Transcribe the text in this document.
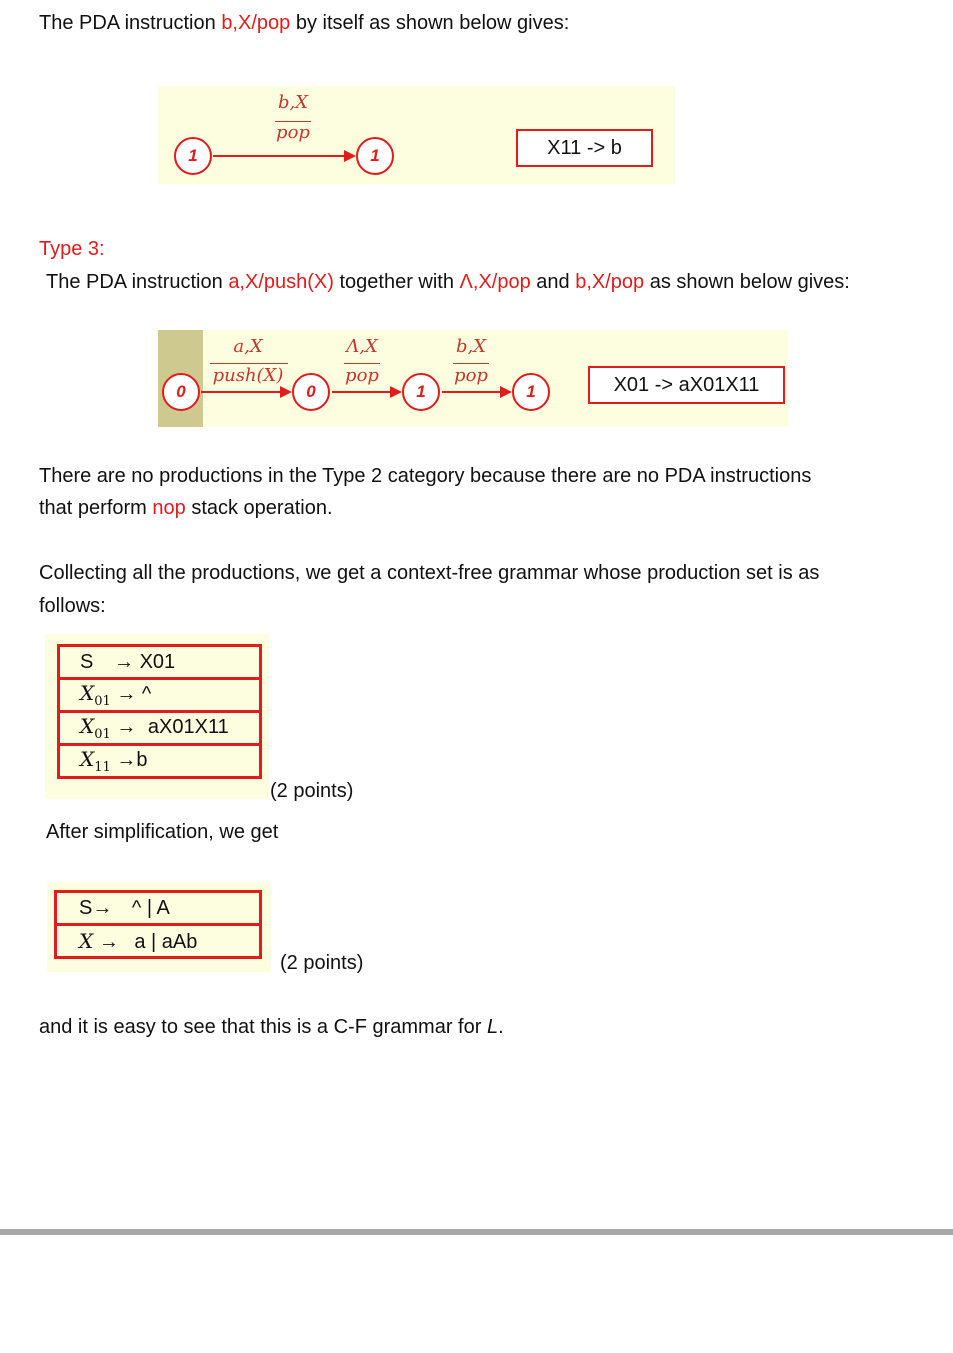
The PDA instruction b,X/pop by itself as shown below gives:
b,X
pop
1	1	X11 -> b
Type 3:
The PDA instruction a,X/push(X) together with Λ,X/pop and b,X/pop as shown below gives:
a,X
push(X)
Λ,X
pop
b,X
pop
0	0	1	1	X01 -> aX01X11
There are no productions in the Type 2 category because there are no PDA instructions
that perform nop stack operation.
Collecting all the productions, we get a context-free grammar whose production set is as
follows:
S → X01
$X_{01}$ → ^
$X_{01} \to aX01X11$
$X_{11} \to b$
(2 points)
After simplification, we get
S→ ^ | A
X → a | aAb
(2 points)
and it is easy to see that this is a C-F grammar for L.
